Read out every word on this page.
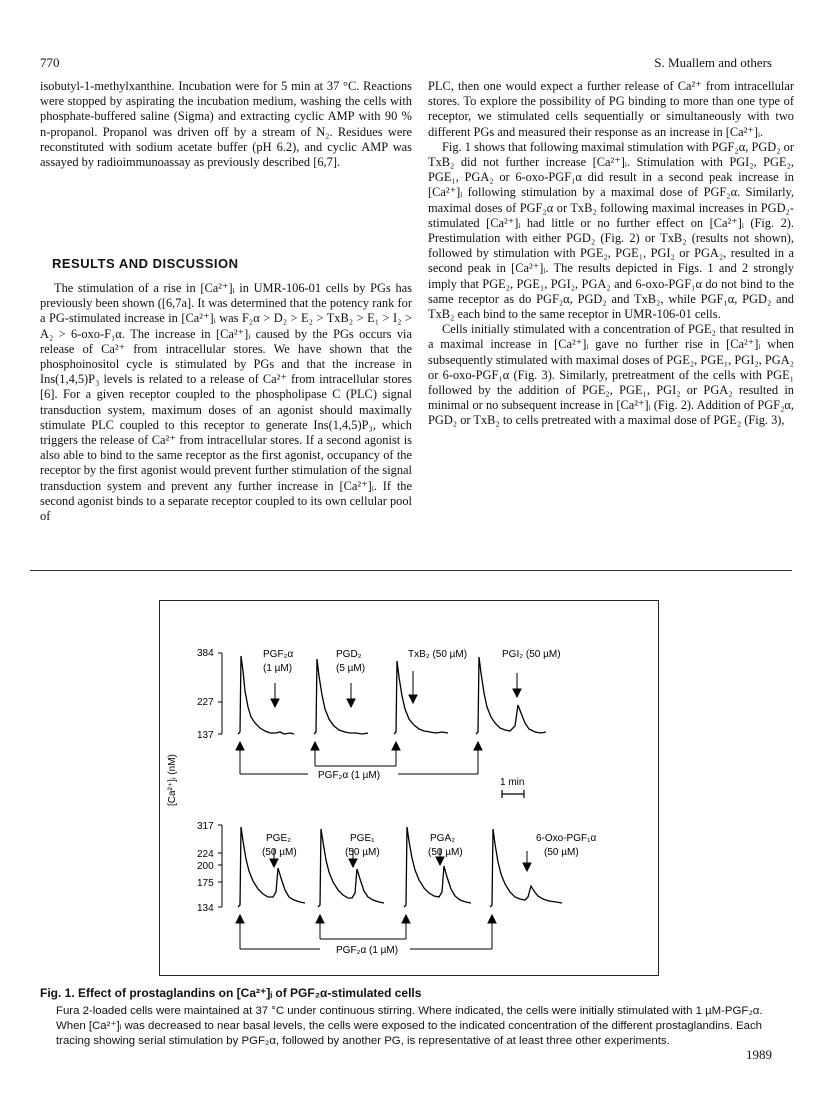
770	S. Muallem and others

isobutyl-1-methylxanthine. Incubation were for 5 min at 37 °C. Reactions were stopped by aspirating the incubation medium, washing the cells with phosphate-buffered saline (Sigma) and extracting cyclic AMP with 90 % n-propanol. Propanol was driven off by a stream of N₂. Residues were reconstituted with sodium acetate buffer (pH 6.2), and cyclic AMP was assayed by radioimmunoassay as previously described [6,7].

RESULTS AND DISCUSSION

The stimulation of a rise in [Ca²⁺]ᵢ in UMR-106-01 cells by PGs has previously been shown ([6,7a]. It was determined that the potency rank for a PG-stimulated increase in [Ca²⁺]ᵢ was F₂α > D₂ > E₂ > TxB₂ > E₁ > I₂ > A₂ > 6-oxo-F₁α. The increase in [Ca²⁺]ᵢ caused by the PGs occurs via release of Ca²⁺ from intracellular stores. We have shown that the phosphoinositol cycle is stimulated by PGs and that the increase in Ins(1,4,5)P₃ levels is related to a release of Ca²⁺ from intracellular stores [6]. For a given receptor coupled to the phospholipase C (PLC) signal transduction system, maximum doses of an agonist should maximally stimulate PLC coupled to this receptor to generate Ins(1,4,5)P₃, which triggers the release of Ca²⁺ from intracellular stores. If a second agonist is also able to bind to the same receptor as the first agonist, occupancy of the receptor by the first agonist would prevent further stimulation of the signal transduction system and prevent any further increase in [Ca²⁺]ᵢ. If the second agonist binds to a separate receptor coupled to its own cellular pool of

PLC, then one would expect a further release of Ca²⁺ from intracellular stores. To explore the possibility of PG binding to more than one type of receptor, we stimulated cells sequentially or simultaneously with two different PGs and measured their response as an increase in [Ca²⁺]ᵢ.

Fig. 1 shows that following maximal stimulation with PGF₂α, PGD₂ or TxB₂ did not further increase [Ca²⁺]ᵢ. Stimulation with PGI₂, PGE₂, PGE₁, PGA₂ or 6-oxo-PGF₁α did result in a second peak increase in [Ca²⁺]ᵢ following stimulation by a maximal dose of PGF₂α. Similarly, maximal doses of PGF₂α or TxB₂ following maximal increases in PGD₂-stimulated [Ca²⁺]ᵢ had little or no further effect on [Ca²⁺]ᵢ (Fig. 2). Prestimulation with either PGD₂ (Fig. 2) or TxB₂ (results not shown), followed by stimulation with PGE₂, PGE₁, PGI₂ or PGA₂, resulted in a second peak in [Ca²⁺]ᵢ. The results depicted in Figs. 1 and 2 strongly imply that PGE₂, PGE₁, PGI₂, PGA₂ and 6-oxo-PGF₁α do not bind to the same receptor as do PGF₂α, PGD₂ and TxB₂, while PGF₁α, PGD₂ and TxB₂ each bind to the same receptor in UMR-106-01 cells.

Cells initially stimulated with a concentration of PGE₂ that resulted in a maximal increase in [Ca²⁺]ᵢ gave no further rise in [Ca²⁺]ᵢ when subsequently stimulated with maximal doses of PGE₂, PGE₁, PGI₂, PGA₂ or 6-oxo-PGF₁α (Fig. 3). Similarly, pretreatment of the cells with PGE₁ followed by the addition of PGE₂, PGE₁, PGI₂ or PGA₂ resulted in minimal or no subsequent increase in [Ca²⁺]ᵢ (Fig. 2). Addition of PGF₂α, PGD₂ or TxB₂ to cells pretreated with a maximal dose of PGE₂ (Fig. 3),

384
227
137
317
224
200
175
134
[Ca²⁺]ᵢ (nM)
PGF₂α
(1 µM)
PGD₂
(5 µM)
TxB₂ (50 µM)	PGI₂ (50 µM)
PGE₂
(50 µM)
PGE₁
(50 µM)
PGA₂
(50 µM)
6-Oxo-PGF₁α
(50 µM)
PGF₂α (1 µM)
1 min
PGF₂α (1 µM)
Fig. 1. Effect of prostaglandins on [Ca²⁺]ᵢ of PGF₂α-stimulated cells
Fura 2-loaded cells were maintained at 37 °C under continuous stirring. Where indicated, the cells were initially stimulated with 1 µM-PGF₂α. When [Ca²⁺]ᵢ was decreased to near basal levels, the cells were exposed to the indicated concentration of the different prostaglandins. Each tracing showing serial stimulation by PGF₂α, followed by another PG, is representative of at least three other experiments.
1989
